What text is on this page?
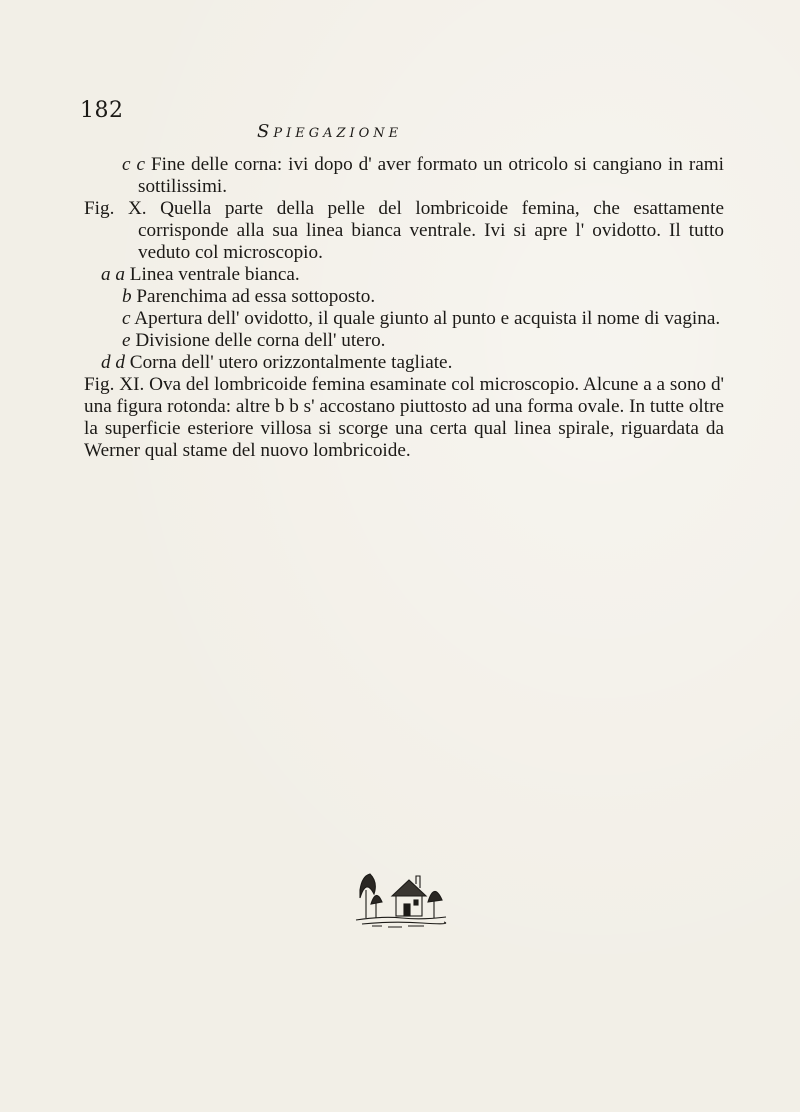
182
Spiegazione
c c Fine delle corna: ivi dopo d' aver formato un otricolo si cangiano in rami sottilissimi.
Fig. X. Quella parte della pelle del lombricoide femina, che esattamente corrisponde alla sua linea bianca ventrale. Ivi si apre l' ovidotto. Il tutto veduto col microscopio.
a a Linea ventrale bianca.
b Parenchima ad essa sottoposto.
c Apertura dell' ovidotto, il quale giunto al punto e acquista il nome di vagina.
e Divisione delle corna dell' utero.
d d Corna dell' utero orizzontalmente tagliate.
Fig. XI. Ova del lombricoide femina esaminate col microscopio. Alcune a a sono d' una figura rotonda: altre b b s' accostano piuttosto ad una forma ovale. In tutte oltre la superficie esteriore villosa si scorge una certa qual linea spirale, riguardata da Werner qual stame del nuovo lombricoide.
